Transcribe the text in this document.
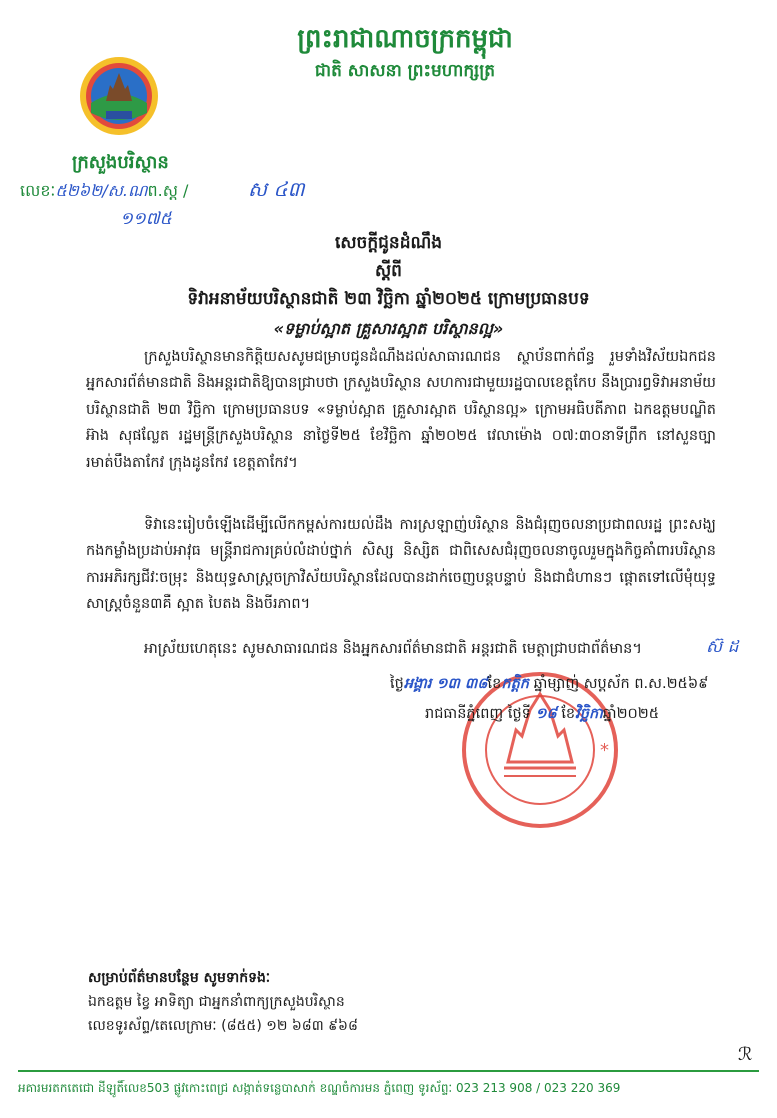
ព្រះរាជាណាចក្រកម្ពុជា
ជាតិ សាសនា ព្រះមហាក្សត្រ
ក្រសួងបរិស្ថាន
លេខៈ៥២៦២/ស.ណព.ស្ត /	ស ៤៣
១១៧៥
សេចក្តីជូនដំណឹង
ស្តីពី
ទិវាអនាម័យបរិស្ថានជាតិ ២៣ វិច្ឆិកា ឆ្នាំ២០២៥ ក្រោមប្រធានបទ
«ទម្លាប់ស្អាត គ្រួសារស្អាត បរិស្ថានល្អ»
ក្រសួងបរិស្ថានមានកិត្តិយសសូមជម្រាបជូនដំណឹងដល់សាធារណជន ស្ថាប័នពាក់ព័ន្ធ រួមទាំងវិស័យឯកជន អ្នកសារព័ត៌មានជាតិ និងអន្តរជាតិឱ្យបានជ្រាបថា ក្រសួងបរិស្ថាន សហការជាមួយរដ្ឋបាលខេត្តកែប នឹងប្រារព្ធទិវាអនាម័យបរិស្ថានជាតិ ២៣ វិច្ឆិកា ក្រោមប្រធានបទ «ទម្លាប់ស្អាត គ្រួសារស្អាត បរិស្ថានល្អ» ក្រោមអធិបតីភាព ឯកឧត្តមបណ្ឌិត អ៊ាង សុផល្លែត រដ្ឋមន្ត្រីក្រសួងបរិស្ថាន នាថ្ងៃទី២៥ ខែវិច្ឆិកា ឆ្នាំ២០២៥ វេលាម៉ោង ០៧:៣០នាទីព្រឹក នៅសួនច្បារមាត់បឹងតាកែវ ក្រុងដូនកែវ ខេត្តតាកែវ។
ទិវានេះរៀបចំឡើងដើម្បីលើកកម្ពស់ការយល់ដឹង ការស្រឡាញ់បរិស្ថាន និងជំរុញចលនាប្រជាពលរដ្ឋ ព្រះសង្ឃ កងកម្លាំងប្រដាប់អាវុធ មន្ត្រីរាជការគ្រប់លំដាប់ថ្នាក់ សិស្ស និស្សិត ជាពិសេសជំរុញចលនាចូលរួមក្នុងកិច្ចគាំពារបរិស្ថាន ការអភិរក្សជីវៈចម្រុះ និងយុទ្ធសាស្រ្តចក្រាវិស័យបរិស្ថានដែលបានដាក់ចេញបន្តបន្ទាប់ និងជាជំហានៗ ផ្តោតទៅលើមុំយុទ្ធសាស្រ្តចំនួន៣គឺ ស្អាត បៃតង និងចីរភាព។
អាស្រ័យហេតុនេះ សូមសាធារណជន និងអ្នកសារព័ត៌មានជាតិ អន្តរជាតិ មេត្តាជ្រាបជាព័ត៌មាន។	ស៊ ដ
*
ថ្ងៃអង្គារ ១៣ ៣៨ខែកត្តិក ឆ្នាំម្សាញ់ សប្តស័ក ព.ស.២៥៦៩
រាជធានីភ្នំពេញ ថ្ងៃទី ១៨ ខែវិច្ឆិកាឆ្នាំ២០២៥
សម្រាប់ព័ត៌មានបន្ថែម សូមទាក់ទងៈ
ឯកឧត្តម ខ្វៃ អាទិត្យា ជាអ្នកនាំពាក្យក្រសួងបរិស្ថាន
លេខទូរស័ព្ទ/តេលេក្រាមៈ (៨៥៥) ១២ ៦៨៣ ៩៦៨
ℛ
អគារមរតកតេជោ ដីឡូតិ៍លេខ503 ផ្លូវកោះពេជ្រ សង្កាត់ទន្លេបាសាក់ ខណ្ឌចំការមន ភ្នំពេញ ទូរស័ព្ទៈ 023 213 908 / 023 220 369
